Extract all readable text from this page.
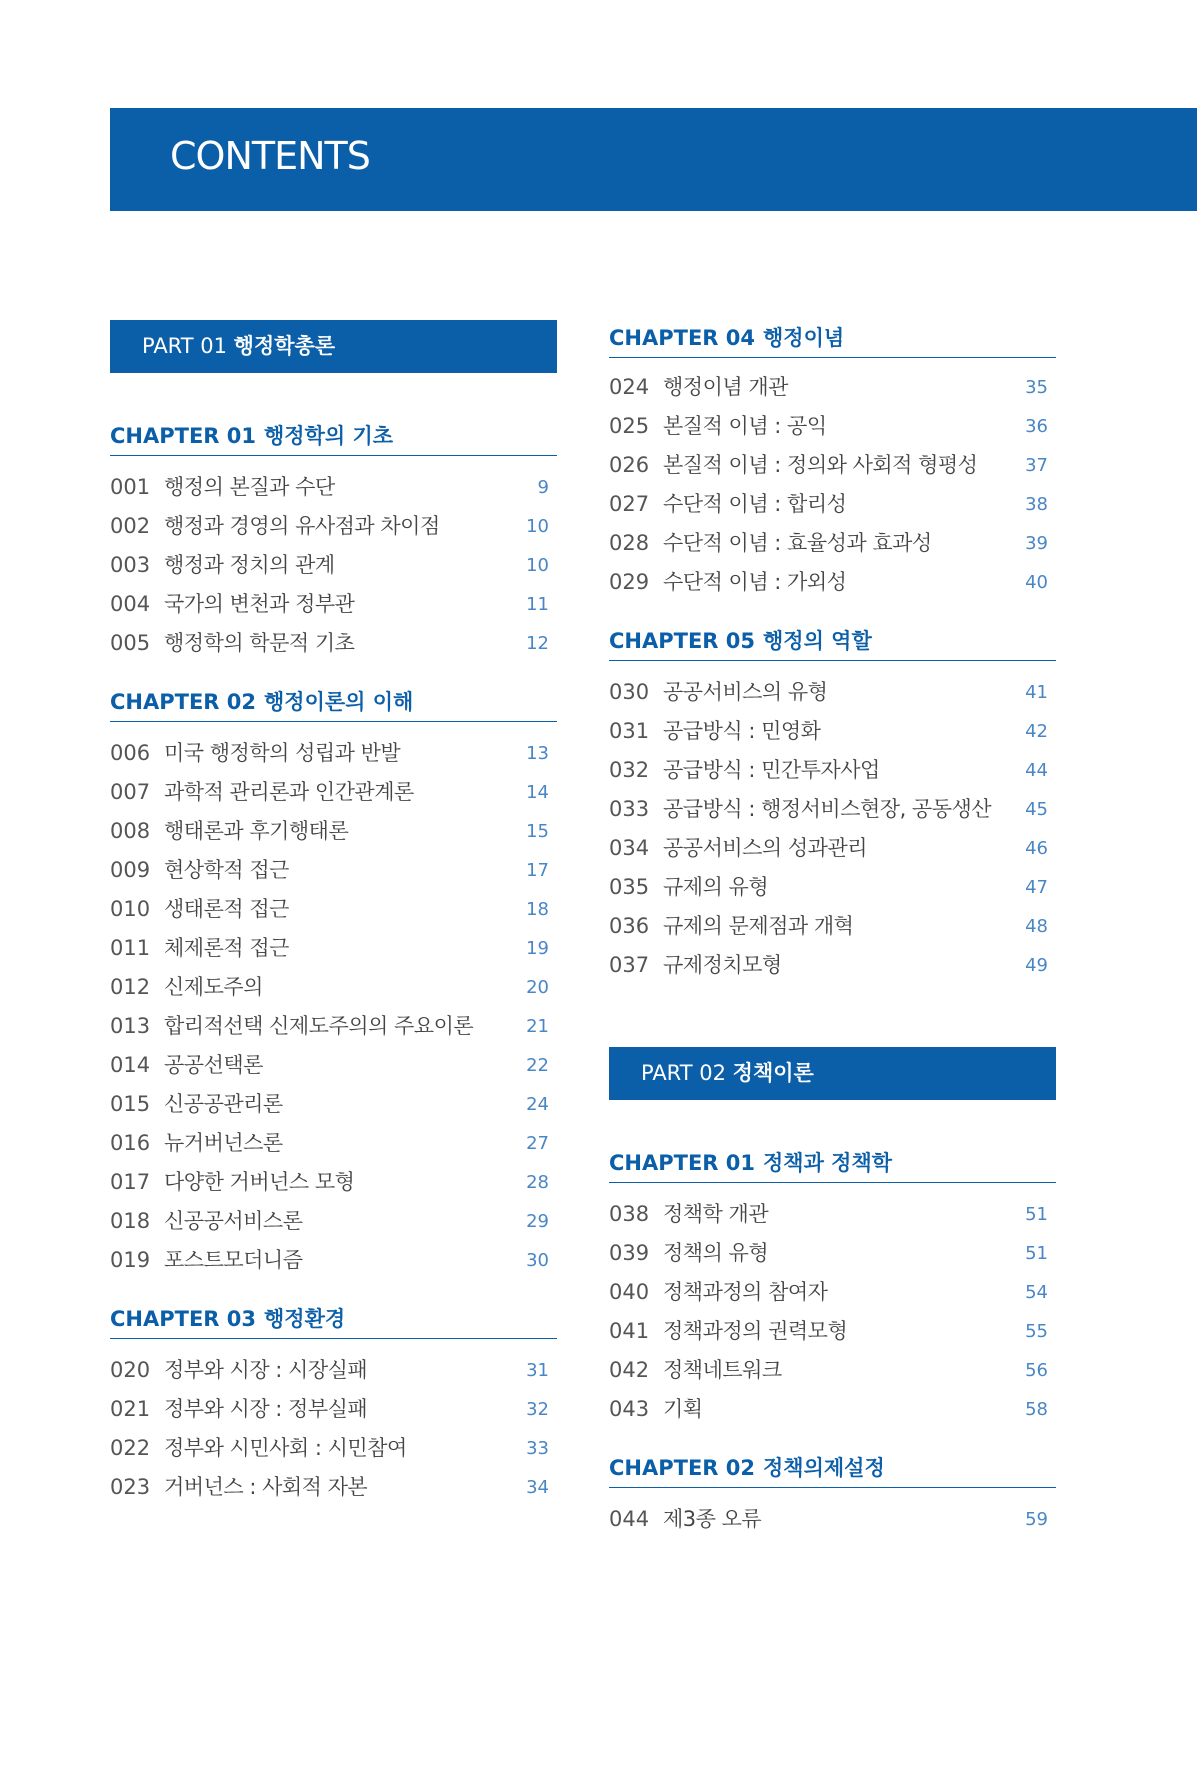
CONTENTS
PART 01 행정학총론
CHAPTER 01 행정학의 기초
001 행정의 본질과 수단	9
002 행정과 경영의 유사점과 차이점	10
003 행정과 정치의 관계	10
004 국가의 변천과 정부관	11
005 행정학의 학문적 기초	12
CHAPTER 02 행정이론의 이해
006 미국 행정학의 성립과 반발	13
007 과학적 관리론과 인간관계론	14
008 행태론과 후기행태론	15
009 현상학적 접근	17
010 생태론적 접근	18
011 체제론적 접근	19
012 신제도주의	20
013 합리적선택 신제도주의의 주요이론	21
014 공공선택론	22
015 신공공관리론	24
016 뉴거버넌스론	27
017 다양한 거버넌스 모형	28
018 신공공서비스론	29
019 포스트모더니즘	30
CHAPTER 03 행정환경
020 정부와 시장 : 시장실패	31
021 정부와 시장 : 정부실패	32
022 정부와 시민사회 : 시민참여	33
023 거버넌스 : 사회적 자본	34
CHAPTER 04 행정이념
024 행정이념 개관	35
025 본질적 이념 : 공익	36
026 본질적 이념 : 정의와 사회적 형평성	37
027 수단적 이념 : 합리성	38
028 수단적 이념 : 효율성과 효과성	39
029 수단적 이념 : 가외성	40
CHAPTER 05 행정의 역할
030 공공서비스의 유형	41
031 공급방식 : 민영화	42
032 공급방식 : 민간투자사업	44
033 공급방식 : 행정서비스현장, 공동생산 45
034 공공서비스의 성과관리	46
035 규제의 유형	47
036 규제의 문제점과 개혁	48
037 규제정치모형	49
PART 02 정책이론
CHAPTER 01 정책과 정책학
038 정책학 개관	51
039 정책의 유형	51
040 정책과정의 참여자	54
041 정책과정의 권력모형	55
042 정책네트워크	56
043 기획	58
CHAPTER 02 정책의제설정
044 제3종 오류	59
